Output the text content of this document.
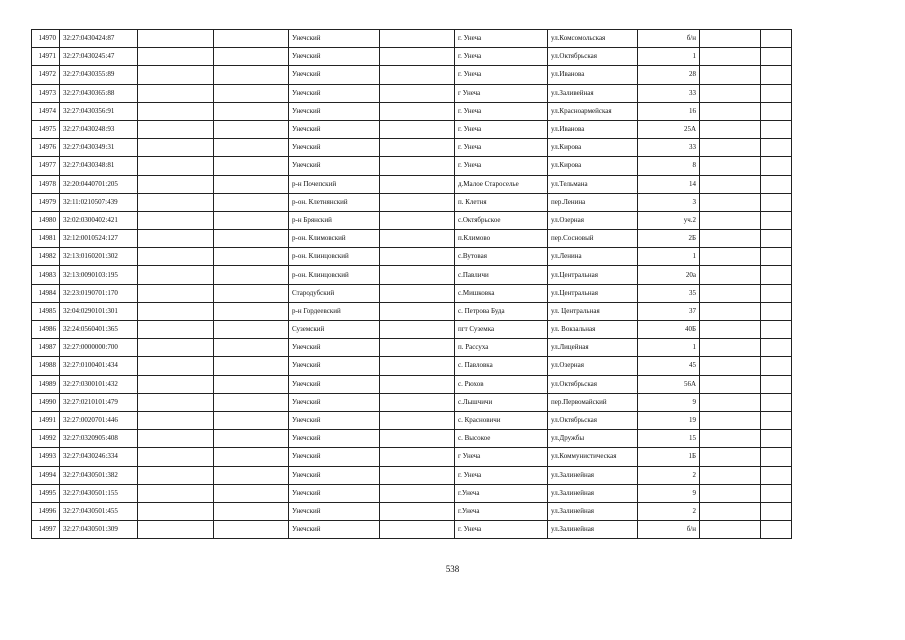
14970	32:27:0430424:87			Унечский		г. Унеча	ул.Комсомольская	б/н		
14971	32:27:0430245:47			Унечский		г. Унеча	ул.Октябрьская	1		
14972	32:27:0430355:89			Унечский		г. Унеча	ул.Иванова	28		
14973	32:27:0430365:88			Унечский		г Унеча	ул.Заливейная	33		
14974	32:27:0430356:91			Унечский		г. Унеча	ул.Красноармейская	16		
14975	32:27:0430248:93			Унечский		г. Унеча	ул.Иванова	25А		
14976	32:27:0430349:31			Унечский		г. Унеча	ул.Кирова	33		
14977	32:27:0430348:81			Унечский		г. Унеча	ул.Кирова	8		
14978	32:20:0440701:205			р-н Почепский		д.Малое Староселье	ул.Тельмана	14		
14979	32:11:0210507:439			р-он. Клетнянский		п. Клетня	пер.Ленина	3		
14980	32:02:0300402:421			р-н Брянский		с.Октябрьское	ул.Озерная	уч.2		
14981	32:12:0010524:127			р-он. Климовский		п.Климово	пер.Сосновый	2Б		
14982	32:13:0160201:302			р-он. Клинцовский		с.Вутовая	ул.Ленина	1		
14983	32:13:0090103:195			р-он. Клинцовский		с.Павличи	ул.Центральная	20а		
14984	32:23:0190701:170			Стародубский		с.Мишковка	ул.Центральная	35		
14985	32:04:0290101:301			р-н Гордеевский		с. Петрова Буда	ул. Центральная	37		
14986	32:24:0560401:365			Суземский		пгт Суземка	ул. Вокзальная	40Б		
14987	32:27:0000000:700			Унечский		п. Рассуха	ул.Лицейная	1		
14988	32:27:0100401:434			Унечский		с. Павловка	ул.Озерная	45		
14989	32:27:0300101:432			Унечский		с. Рюхов	ул.Октябрьская	56А		
14990	32:27:0210101:479			Унечский		с.Лышчичи	пер.Первомайский	9		
14991	32:27:0020701:446			Унечский		с. Красновичи	ул.Октябрьская	19		
14992	32:27:0320905:408			Унечский		с. Высокое	ул.Дружбы	15		
14993	32:27:0430246:334			Унечский		г Унеча	ул.Коммунистическая	1Б		
14994	32:27:0430501:382			Унечский		г. Унеча	ул.Залинейная	2		
14995	32:27:0430501:155			Унечский		г.Унеча	ул.Залинейная	9		
14996	32:27:0430501:455			Унечский		г.Унеча	ул.Залинейная	2		
14997	32:27:0430501:309			Унечский		г. Унеча	ул.Залинейная	б/н		
538
